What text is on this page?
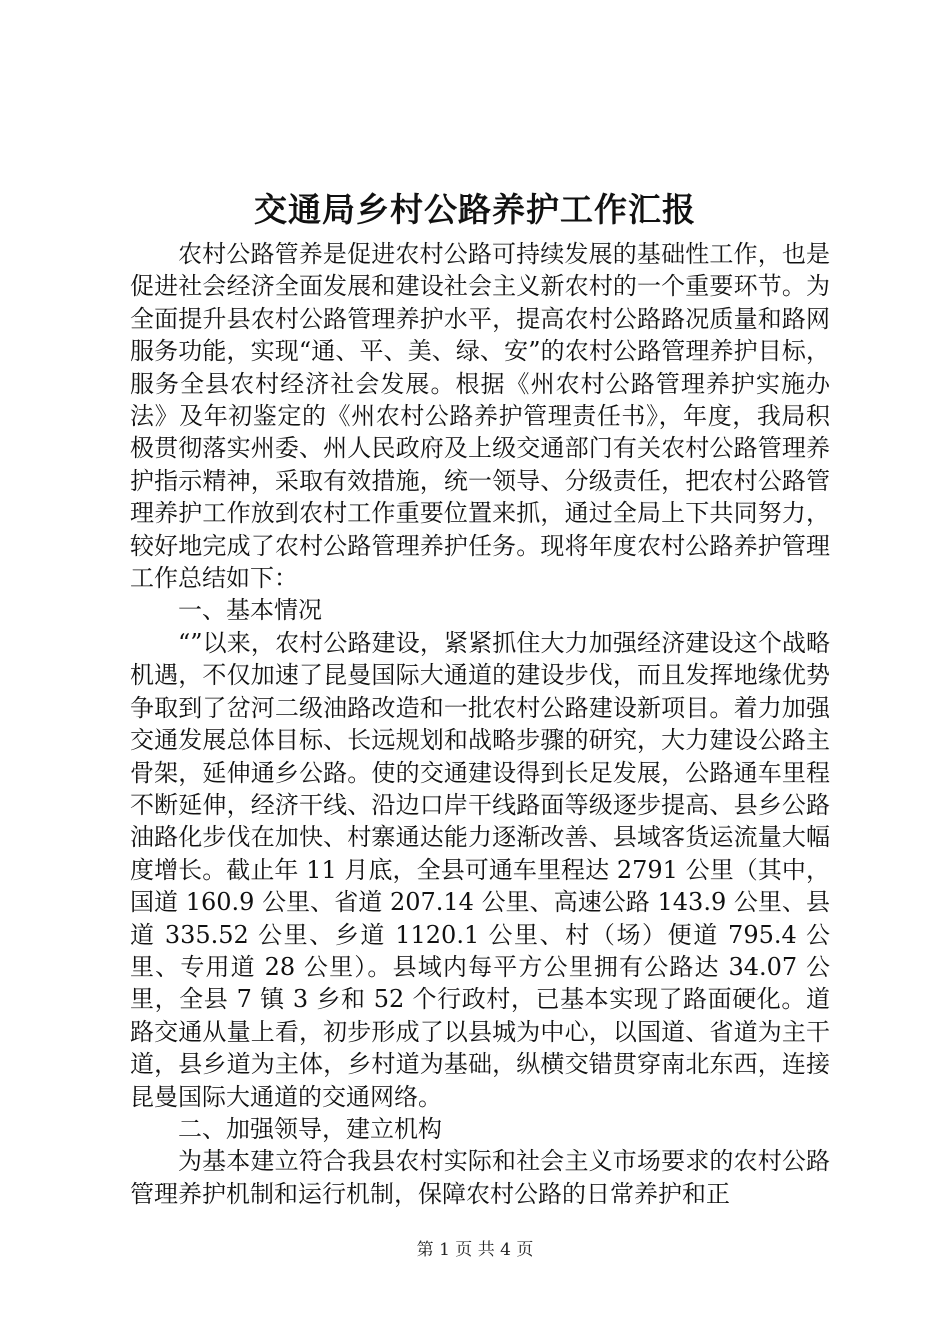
交通局乡村公路养护工作汇报

农村公路管养是促进农村公路可持续发展的基础性工作，也是促进社会经济全面发展和建设社会主义新农村的一个重要环节。为全面提升县农村公路管理养护水平，提高农村公路路况质量和路网服务功能，实现“通、平、美、绿、安”的农村公路管理养护目标，服务全县农村经济社会发展。根据《州农村公路管理养护实施办法》及年初鉴定的《州农村公路养护管理责任书》，年度，我局积极贯彻落实州委、州人民政府及上级交通部门有关农村公路管理养护指示精神，采取有效措施，统一领导、分级责任，把农村公路管理养护工作放到农村工作重要位置来抓，通过全局上下共同努力，较好地完成了农村公路管理养护任务。现将年度农村公路养护管理工作总结如下：

一、基本情况

“”以来，农村公路建设，紧紧抓住大力加强经济建设这个战略机遇，不仅加速了昆曼国际大通道的建设步伐，而且发挥地缘优势争取到了岔河二级油路改造和一批农村公路建设新项目。着力加强交通发展总体目标、长远规划和战略步骤的研究，大力建设公路主骨架，延伸通乡公路。使的交通建设得到长足发展，公路通车里程不断延伸，经济干线、沿边口岸干线路面等级逐步提高、县乡公路油路化步伐在加快、村寨通达能力逐渐改善、县域客货运流量大幅度增长。截止年 11 月底，全县可通车里程达 2791 公里（其中，国道 160.9 公里、省道 207.14 公里、高速公路 143.9 公里、县道 335.52 公里、乡道 1120.1 公里、村（场）便道 795.4 公里、专用道 28 公里）。县域内每平方公里拥有公路达 34.07 公里，全县 7 镇 3 乡和 52 个行政村，已基本实现了路面硬化。道路交通从量上看，初步形成了以县城为中心，以国道、省道为主干道，县乡道为主体，乡村道为基础，纵横交错贯穿南北东西，连接昆曼国际大通道的交通网络。

二、加强领导，建立机构

为基本建立符合我县农村实际和社会主义市场要求的农村公路管理养护机制和运行机制，保障农村公路的日常养护和正

第 1 页 共 4 页
